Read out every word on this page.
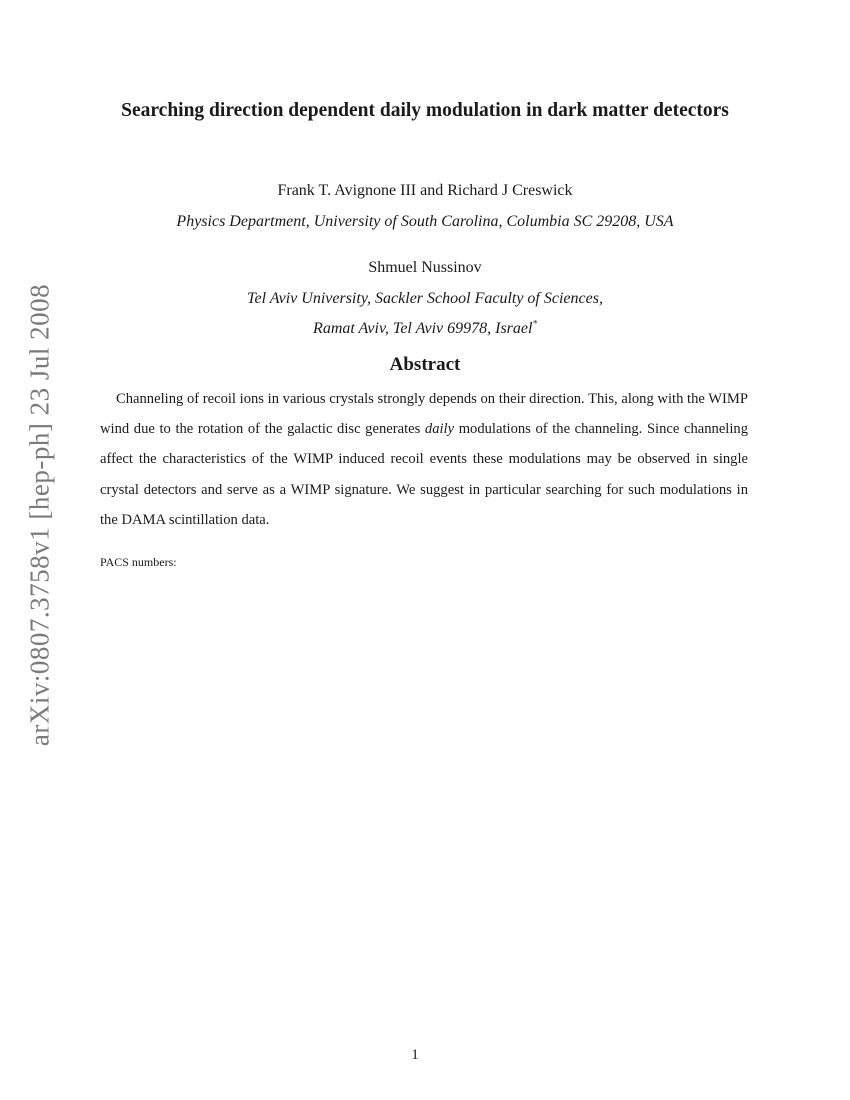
arXiv:0807.3758v1 [hep-ph] 23 Jul 2008
Searching direction dependent daily modulation in dark matter detectors

Frank T. Avignone III and Richard J Creswick

Physics Department, University of South Carolina, Columbia SC 29208, USA

Shmuel Nussinov

Tel Aviv University, Sackler School Faculty of Sciences,

Ramat Aviv, Tel Aviv 69978, Israel*

Abstract

Channeling of recoil ions in various crystals strongly depends on their direction. This, along with the WIMP wind due to the rotation of the galactic disc generates daily modulations of the channeling. Since channeling affect the characteristics of the WIMP induced recoil events these modulations may be observed in single crystal detectors and serve as a WIMP signature. We suggest in particular searching for such modulations in the DAMA scintillation data.

PACS numbers:

1
